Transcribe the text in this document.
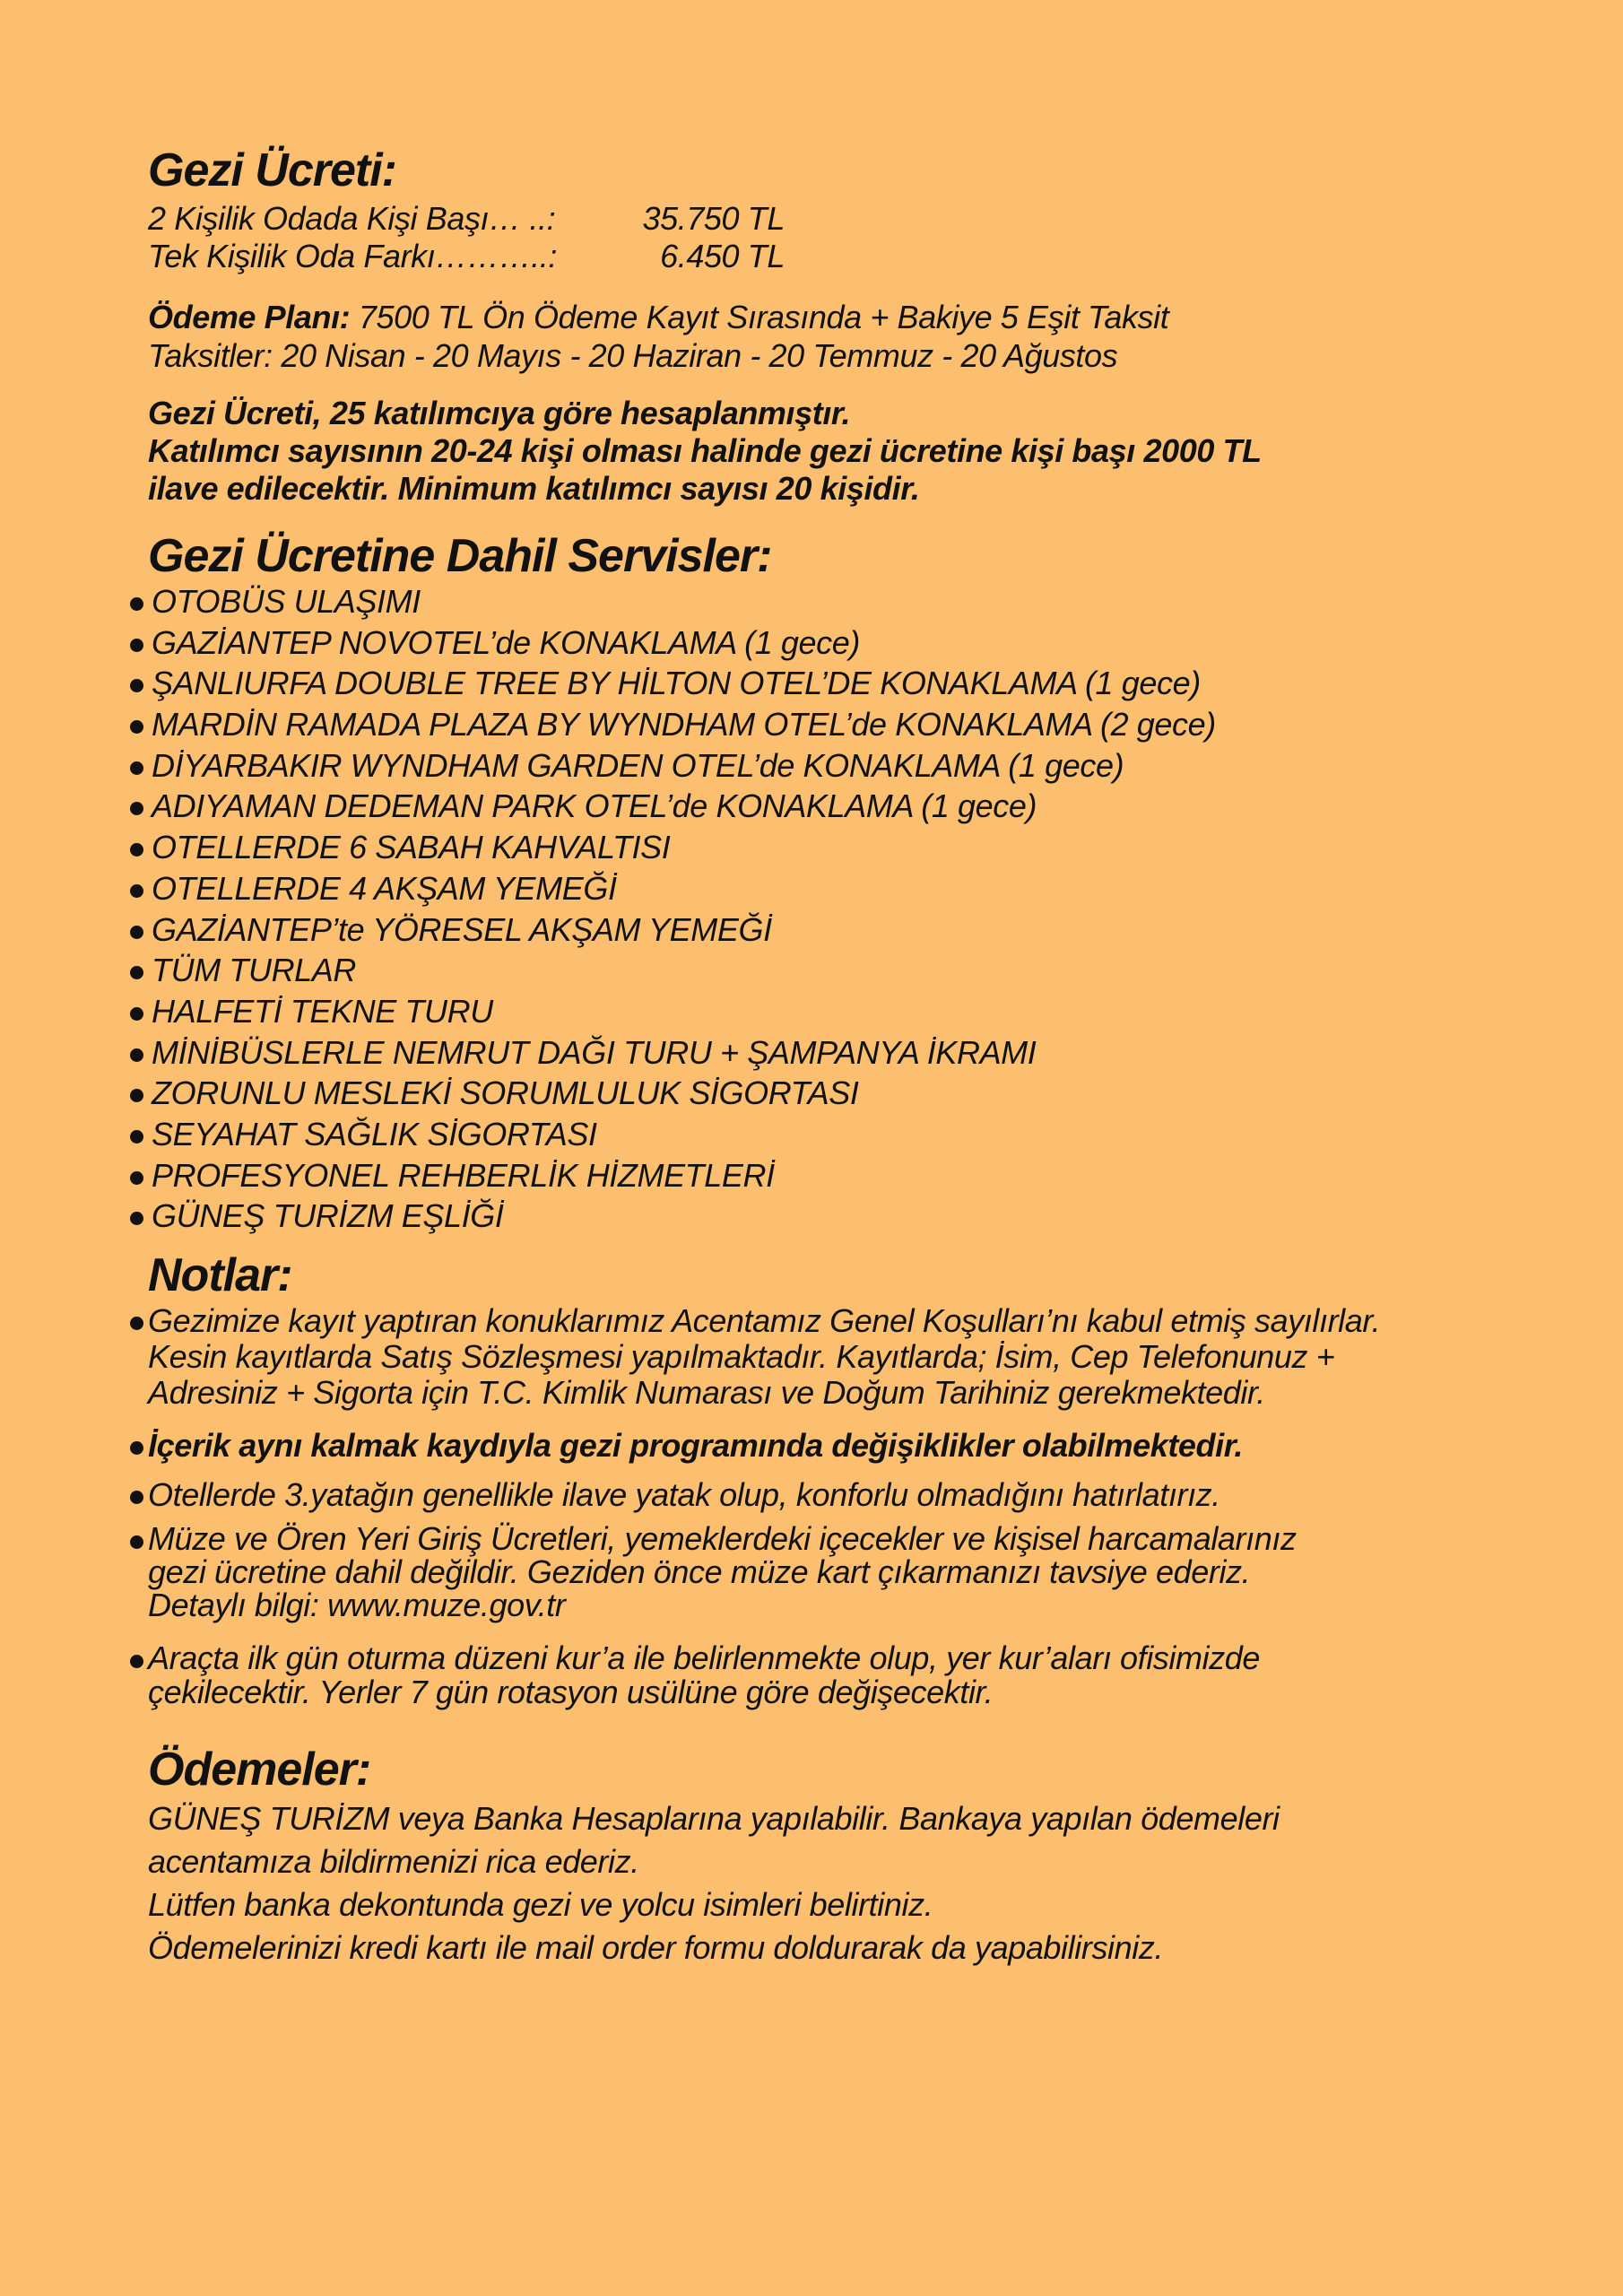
Gezi Ücreti:
2 Kişilik Odada Kişi Başı… ..:	35.750 TL
Tek Kişilik Oda Farkı………..:	6.450 TL
Ödeme Planı: 7500 TL Ön Ödeme Kayıt Sırasında + Bakiye 5 Eşit Taksit
Taksitler: 20 Nisan - 20 Mayıs - 20 Haziran - 20 Temmuz - 20 Ağustos
Gezi Ücreti, 25 katılımcıya göre hesaplanmıştır.
Katılımcı sayısının 20-24 kişi olması halinde gezi ücretine kişi başı 2000 TL
ilave edilecektir. Minimum katılımcı sayısı 20 kişidir.
Gezi Ücretine Dahil Servisler:
OTOBÜS ULAŞIMI
GAZİANTEP NOVOTEL’de KONAKLAMA (1 gece)
ŞANLIURFA DOUBLE TREE BY HİLTON OTEL’DE KONAKLAMA (1 gece)
MARDİN RAMADA PLAZA BY WYNDHAM OTEL’de KONAKLAMA (2 gece)
DİYARBAKIR WYNDHAM GARDEN OTEL’de KONAKLAMA (1 gece)
ADIYAMAN DEDEMAN PARK OTEL’de KONAKLAMA (1 gece)
OTELLERDE 6 SABAH KAHVALTISI
OTELLERDE 4 AKŞAM YEMEĞİ
GAZİANTEP’te YÖRESEL AKŞAM YEMEĞİ
TÜM TURLAR
HALFETİ TEKNE TURU
MİNİBÜSLERLE NEMRUT DAĞI TURU + ŞAMPANYA İKRAMI
ZORUNLU MESLEKİ SORUMLULUK SİGORTASI
SEYAHAT SAĞLIK SİGORTASI
PROFESYONEL REHBERLİK HİZMETLERİ
GÜNEŞ TURİZM EŞLİĞİ
Notlar:
Gezimize kayıt yaptıran konuklarımız Acentamız Genel Koşulları’nı kabul etmiş sayılırlar.
Kesin kayıtlarda Satış Sözleşmesi yapılmaktadır. Kayıtlarda; İsim, Cep Telefonunuz +
Adresiniz + Sigorta için T.C. Kimlik Numarası ve Doğum Tarihiniz gerekmektedir.
İçerik aynı kalmak kaydıyla gezi programında değişiklikler olabilmektedir.
Otellerde 3.yatağın genellikle ilave yatak olup, konforlu olmadığını hatırlatırız.
Müze ve Ören Yeri Giriş Ücretleri, yemeklerdeki içecekler ve kişisel harcamalarınız
gezi ücretine dahil değildir. Geziden önce müze kart çıkarmanızı tavsiye ederiz.
Detaylı bilgi: www.muze.gov.tr
Araçta ilk gün oturma düzeni kur’a ile belirlenmekte olup, yer kur’aları ofisimizde
çekilecektir. Yerler 7 gün rotasyon usülüne göre değişecektir.
Ödemeler:
GÜNEŞ TURİZM veya Banka Hesaplarına yapılabilir. Bankaya yapılan ödemeleri
acentamıza bildirmenizi rica ederiz.
Lütfen banka dekontunda gezi ve yolcu isimleri belirtiniz.
Ödemelerinizi kredi kartı ile mail order formu doldurarak da yapabilirsiniz.
